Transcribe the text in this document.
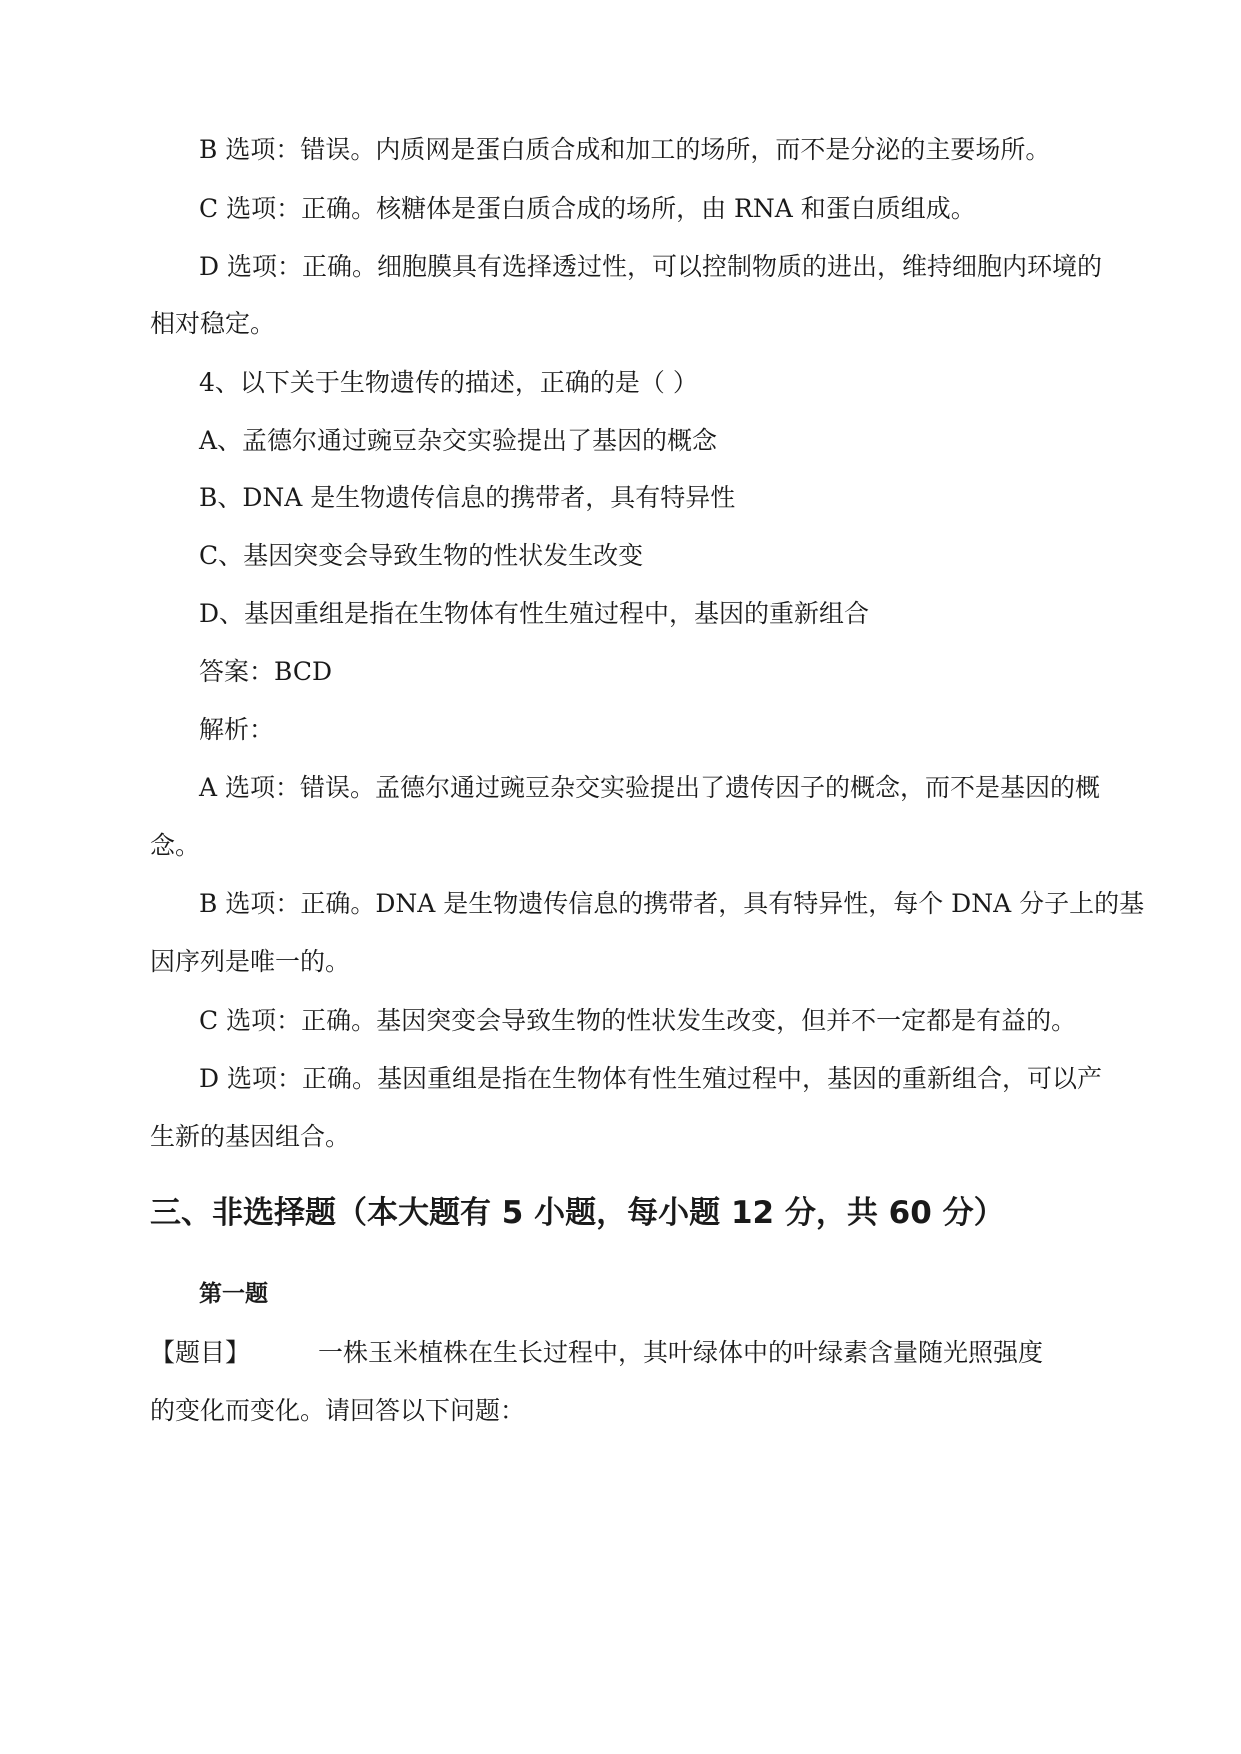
B 选项：错误。内质网是蛋白质合成和加工的场所，而不是分泌的主要场所。

C 选项：正确。核糖体是蛋白质合成的场所，由 RNA 和蛋白质组成。

D 选项：正确。细胞膜具有选择透过性，可以控制物质的进出，维持细胞内环境的

相对稳定。

4、以下关于生物遗传的描述，正确的是（ ）

A、孟德尔通过豌豆杂交实验提出了基因的概念

B、DNA 是生物遗传信息的携带者，具有特异性

C、基因突变会导致生物的性状发生改变

D、基因重组是指在生物体有性生殖过程中，基因的重新组合

答案：BCD

解析：

A 选项：错误。孟德尔通过豌豆杂交实验提出了遗传因子的概念，而不是基因的概

念。

B 选项：正确。DNA 是生物遗传信息的携带者，具有特异性，每个 DNA 分子上的基

因序列是唯一的。

C 选项：正确。基因突变会导致生物的性状发生改变，但并不一定都是有益的。

D 选项：正确。基因重组是指在生物体有性生殖过程中，基因的重新组合，可以产

生新的基因组合。

三、非选择题（本大题有 5 小题，每小题 12 分，共 60 分）
第一题

【题目】	一株玉米植株在生长过程中，其叶绿体中的叶绿素含量随光照强度

的变化而变化。请回答以下问题：
